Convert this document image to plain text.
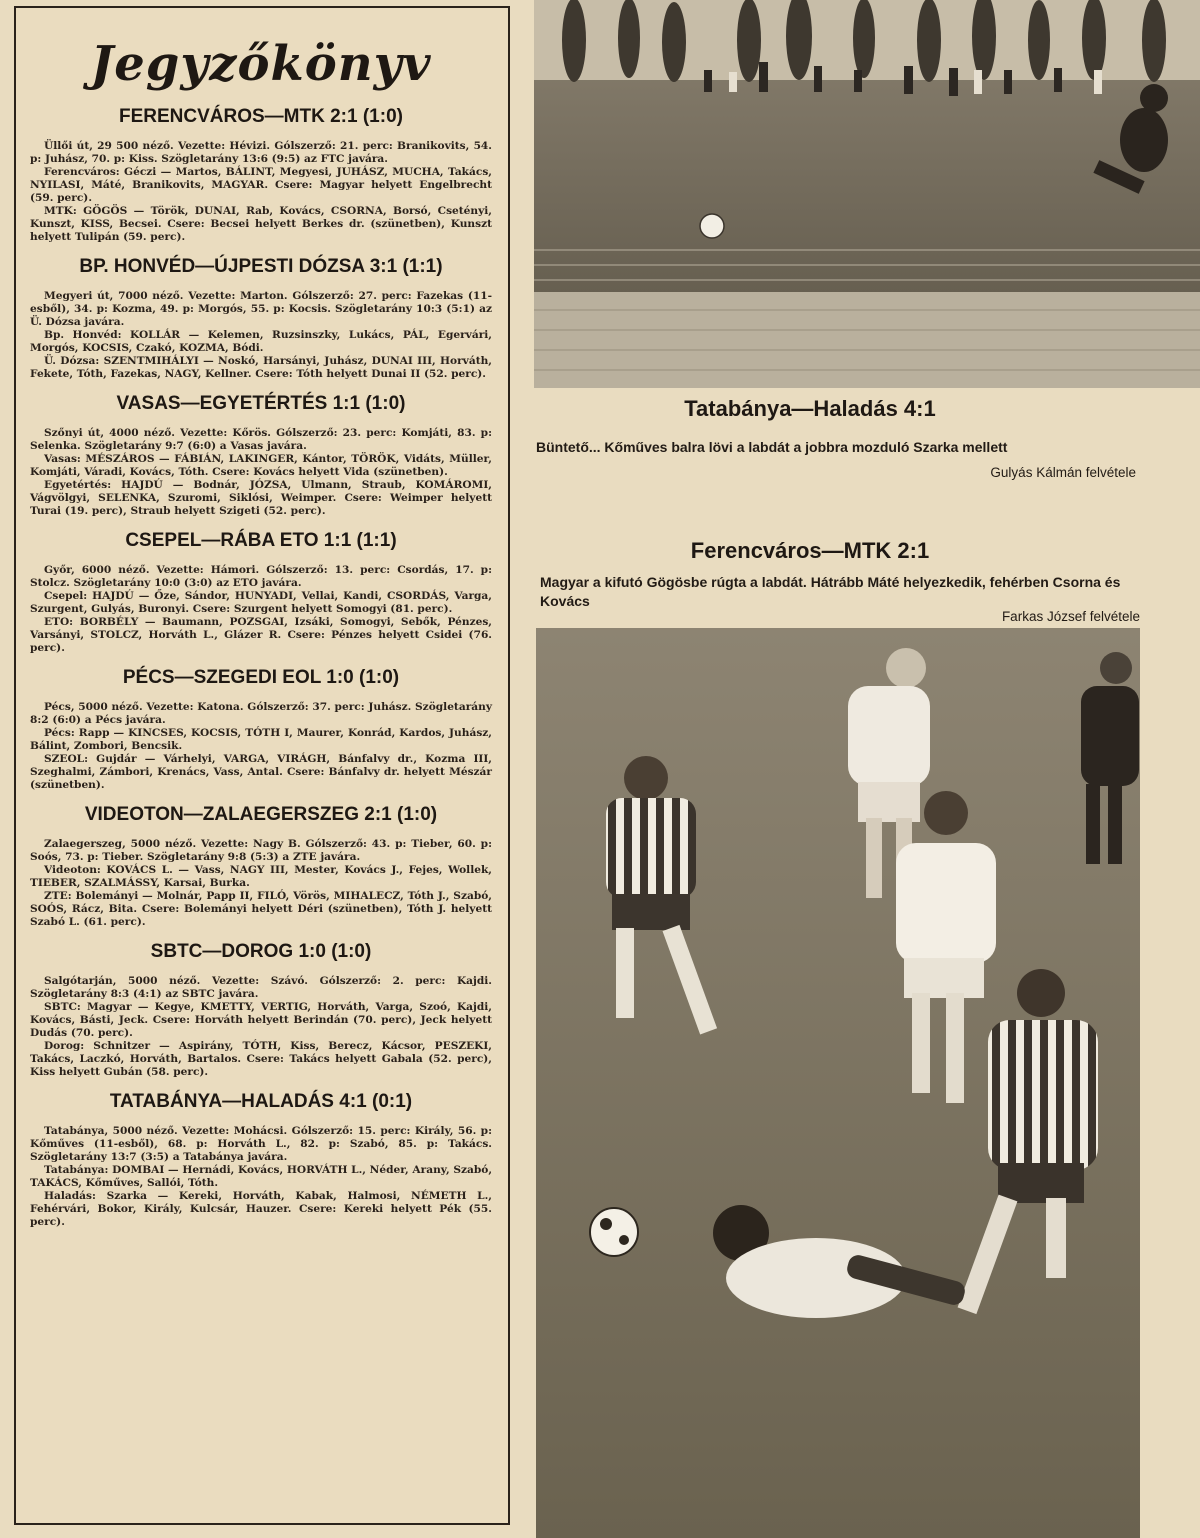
Jegyzőkönyv
FERENCVÁROS—MTK 2:1 (1:0)

Üllői út, 29 500 néző. Vezette: Hévizi. Gólszerző: 21. perc: Branikovits, 54. p: Juhász, 70. p: Kiss. Szögletarány 13:6 (9:5) az FTC javára.

Ferencváros: Géczi — Martos, BÁLINT, Megyesi, JUHÁSZ, MUCHA, Takács, NYILASI, Máté, Branikovits, MAGYAR. Csere: Magyar helyett Engelbrecht (59. perc).

MTK: GÖGÖS — Török, DUNAI, Rab, Kovács, CSORNA, Borsó, Csetényi, Kunszt, KISS, Becsei. Csere: Becsei helyett Berkes dr. (szünetben), Kunszt helyett Tulipán (59. perc).

BP. HONVÉD—ÚJPESTI DÓZSA 3:1 (1:1)

Megyeri út, 7000 néző. Vezette: Marton. Gólszerző: 27. perc: Fazekas (11-esből), 34. p: Kozma, 49. p: Morgós, 55. p: Kocsis. Szögletarány 10:3 (5:1) az Ü. Dózsa javára.

Bp. Honvéd: KOLLÁR — Kelemen, Ruzsinszky, Lukács, PÁL, Egervári, Morgós, KOCSIS, Czakó, KOZMA, Bódi.

Ü. Dózsa: SZENTMIHÁLYI — Noskó, Harsányi, Juhász, DUNAI III, Horváth, Fekete, Tóth, Fazekas, NAGY, Kellner. Csere: Tóth helyett Dunai II (52. perc).

VASAS—EGYETÉRTÉS 1:1 (1:0)

Szőnyi út, 4000 néző. Vezette: Kőrös. Gólszerző: 23. perc: Komjáti, 83. p: Selenka. Szögletarány 9:7 (6:0) a Vasas javára.

Vasas: MÉSZÁROS — FÁBIÁN, LAKINGER, Kántor, TÖRÖK, Vidáts, Müller, Komjáti, Váradi, Kovács, Tóth. Csere: Kovács helyett Vida (szünetben).

Egyetértés: HAJDÚ — Bodnár, JÓZSA, Ulmann, Straub, KOMÁROMI, Vágvölgyi, SELENKA, Szuromi, Siklósi, Weimper. Csere: Weimper helyett Turai (19. perc), Straub helyett Szigeti (52. perc).

CSEPEL—RÁBA ETO 1:1 (1:1)

Győr, 6000 néző. Vezette: Hámori. Gólszerző: 13. perc: Csordás, 17. p: Stolcz. Szögletarány 10:0 (3:0) az ETO javára.

Csepel: HAJDÚ — Őze, Sándor, HUNYADI, Vellai, Kandi, CSORDÁS, Varga, Szurgent, Gulyás, Buronyi. Csere: Szurgent helyett Somogyi (81. perc).

ETO: BORBÉLY — Baumann, POZSGAI, Izsáki, Somogyi, Sebők, Pénzes, Varsányi, STOLCZ, Horváth L., Glázer R. Csere: Pénzes helyett Csidei (76. perc).

PÉCS—SZEGEDI EOL 1:0 (1:0)

Pécs, 5000 néző. Vezette: Katona. Gólszerző: 37. perc: Juhász. Szögletarány 8:2 (6:0) a Pécs javára.

Pécs: Rapp — KINCSES, KOCSIS, TÓTH I, Maurer, Konrád, Kardos, Juhász, Bálint, Zombori, Bencsik.

SZEOL: Gujdár — Várhelyi, VARGA, VIRÁGH, Bánfalvy dr., Kozma III, Szeghalmi, Zámbori, Krenács, Vass, Antal. Csere: Bánfalvy dr. helyett Mészár (szünetben).

VIDEOTON—ZALAEGERSZEG 2:1 (1:0)

Zalaegerszeg, 5000 néző. Vezette: Nagy B. Gólszerző: 43. p: Tieber, 60. p: Soós, 73. p: Tieber. Szögletarány 9:8 (5:3) a ZTE javára.

Videoton: KOVÁCS L. — Vass, NAGY III, Mester, Kovács J., Fejes, Wollek, TIEBER, SZALMÁSSY, Karsai, Burka.

ZTE: Bolemányi — Molnár, Papp II, FILÓ, Vörös, MIHALECZ, Tóth J., Szabó, SOÓS, Rácz, Bita. Csere: Bolemányi helyett Déri (szünetben), Tóth J. helyett Szabó L. (61. perc).

SBTC—DOROG 1:0 (1:0)

Salgótarján, 5000 néző. Vezette: Szávó. Gólszerző: 2. perc: Kajdi. Szögletarány 8:3 (4:1) az SBTC javára.

SBTC: Magyar — Kegye, KMETTY, VERTIG, Horváth, Varga, Szoó, Kajdi, Kovács, Básti, Jeck. Csere: Horváth helyett Berindán (70. perc), Jeck helyett Dudás (70. perc).

Dorog: Schnitzer — Aspirány, TÓTH, Kiss, Berecz, Kácsor, PESZEKI, Takács, Laczkó, Horváth, Bartalos. Csere: Takács helyett Gabala (52. perc), Kiss helyett Gubán (58. perc).

TATABÁNYA—HALADÁS 4:1 (0:1)

Tatabánya, 5000 néző. Vezette: Mohácsi. Gólszerző: 15. perc: Király, 56. p: Kőműves (11-esből), 68. p: Horváth L., 82. p: Szabó, 85. p: Takács. Szögletarány 13:7 (3:5) a Tatabánya javára.

Tatabánya: DOMBAI — Hernádi, Kovács, HORVÁTH L., Néder, Arany, Szabó, TAKÁCS, Kőműves, Sallói, Tóth.

Haladás: Szarka — Kereki, Horváth, Kabak, Halmosi, NÉMETH L., Fehérvári, Bokor, Király, Kulcsár, Hauzer. Csere: Kereki helyett Pék (55. perc).

Tatabánya—Haladás 4:1
Büntető... Kőműves balra lövi a labdát a jobbra mozduló Szarka mellett
Gulyás Kálmán felvétele
Ferencváros—MTK 2:1
Magyar a kifutó Gögösbe rúgta a labdát. Hátrább Máté helyezkedik, fehérben Csorna és Kovács
Farkas József felvétele
